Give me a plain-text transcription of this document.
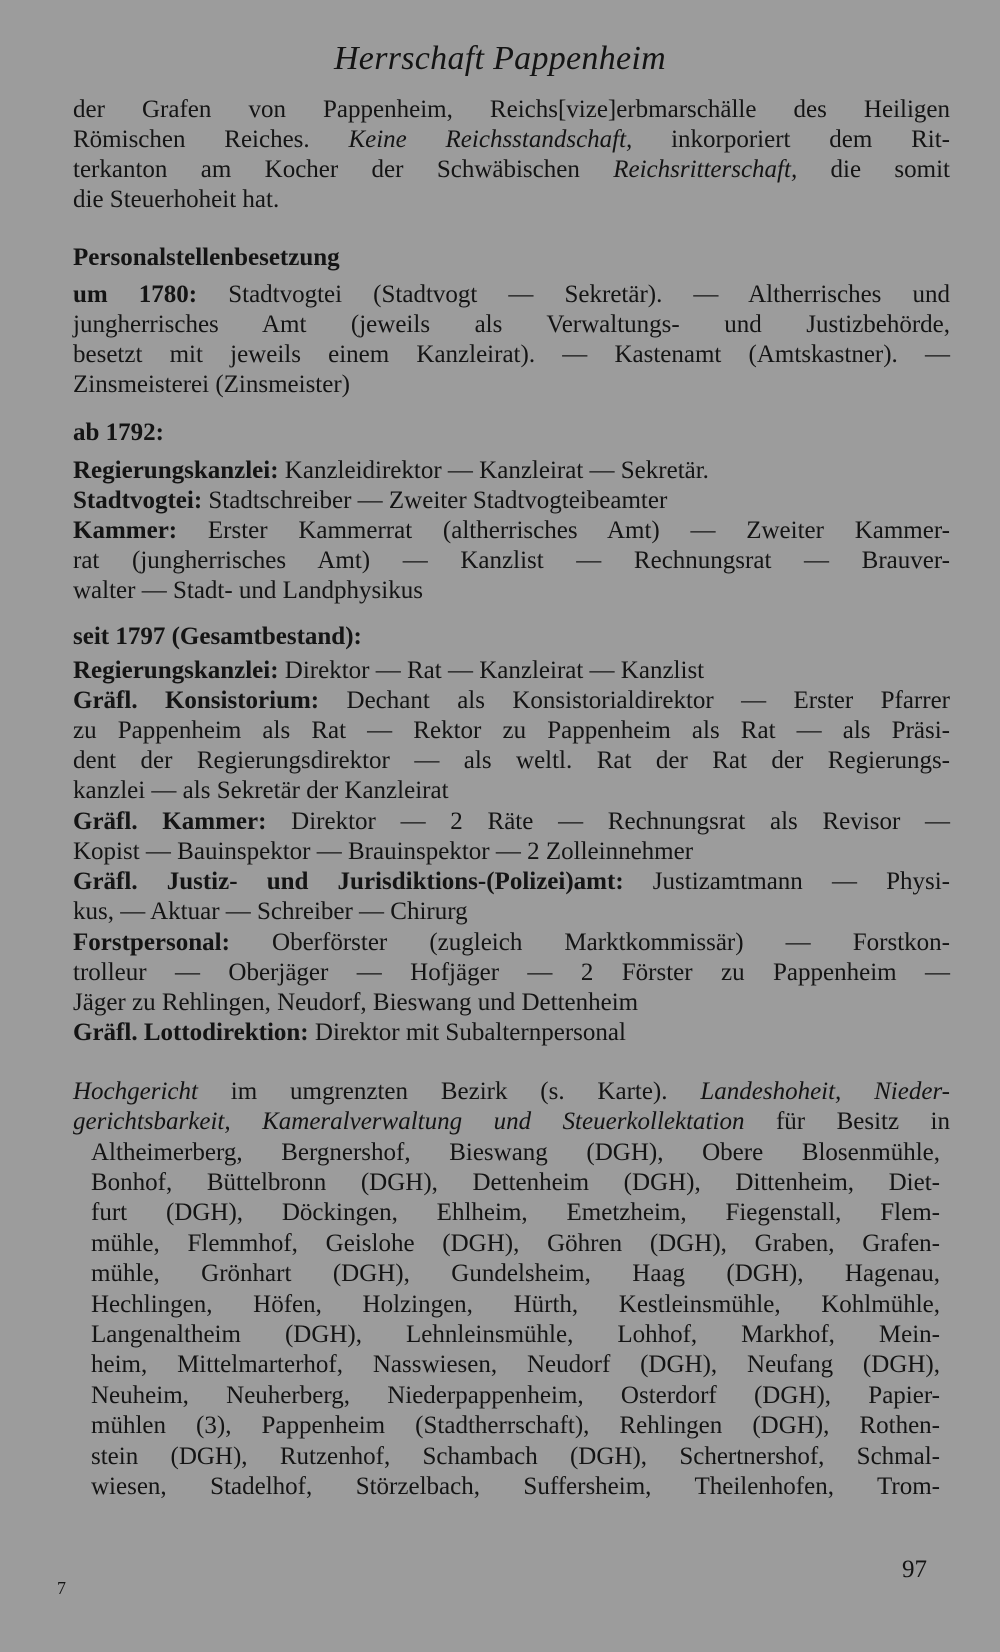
Herrschaft Pappenheim
der Grafen von Pappenheim, Reichs[vize]erbmarschälle des Heiligen
Römischen Reiches. Keine Reichsstandschaft, inkorporiert dem Rit-
terkanton am Kocher der Schwäbischen Reichsritterschaft, die somit
die Steuerhoheit hat.
Personalstellenbesetzung
um 1780: Stadtvogtei (Stadtvogt — Sekretär). — Altherrisches und
jungherrisches Amt (jeweils als Verwaltungs- und Justizbehörde,
besetzt mit jeweils einem Kanzleirat). — Kastenamt (Amtskastner). —
Zinsmeisterei (Zinsmeister)
ab 1792:
Regierungskanzlei: Kanzleidirektor — Kanzleirat — Sekretär.
Stadtvogtei: Stadtschreiber — Zweiter Stadtvogteibeamter
Kammer: Erster Kammerrat (altherrisches Amt) — Zweiter Kammer-
rat (jungherrisches Amt) — Kanzlist — Rechnungsrat — Brauver-
walter — Stadt- und Landphysikus
seit 1797 (Gesamtbestand):
Regierungskanzlei: Direktor — Rat — Kanzleirat — Kanzlist
Gräfl. Konsistorium: Dechant als Konsistorialdirektor — Erster Pfarrer
zu Pappenheim als Rat — Rektor zu Pappenheim als Rat — als Präsi-
dent der Regierungsdirektor — als weltl. Rat der Rat der Regierungs-
kanzlei — als Sekretär der Kanzleirat
Gräfl. Kammer: Direktor — 2 Räte — Rechnungsrat als Revisor —
Kopist — Bauinspektor — Brauinspektor — 2 Zolleinnehmer
Gräfl. Justiz- und Jurisdiktions-(Polizei)amt: Justizamtmann — Physi-
kus, — Aktuar — Schreiber — Chirurg
Forstpersonal: Oberförster (zugleich Marktkommissär) — Forstkon-
trolleur — Oberjäger — Hofjäger — 2 Förster zu Pappenheim —
Jäger zu Rehlingen, Neudorf, Bieswang und Dettenheim
Gräfl. Lottodirektion: Direktor mit Subalternpersonal
Hochgericht im umgrenzten Bezirk (s. Karte). Landeshoheit, Nieder-
gerichtsbarkeit, Kameralverwaltung und Steuerkollektation für Besitz in
Altheimerberg, Bergnershof, Bieswang (DGH), Obere Blosenmühle,
Bonhof, Büttelbronn (DGH), Dettenheim (DGH), Dittenheim, Diet-
furt (DGH), Döckingen, Ehlheim, Emetzheim, Fiegenstall, Flem-
mühle, Flemmhof, Geislohe (DGH), Göhren (DGH), Graben, Grafen-
mühle, Grönhart (DGH), Gundelsheim, Haag (DGH), Hagenau,
Hechlingen, Höfen, Holzingen, Hürth, Kestleinsmühle, Kohlmühle,
Langenaltheim (DGH), Lehnleinsmühle, Lohhof, Markhof, Mein-
heim, Mittelmarterhof, Nasswiesen, Neudorf (DGH), Neufang (DGH),
Neuheim, Neuherberg, Niederpappenheim, Osterdorf (DGH), Papier-
mühlen (3), Pappenheim (Stadtherrschaft), Rehlingen (DGH), Rothen-
stein (DGH), Rutzenhof, Schambach (DGH), Schertnershof, Schmal-
wiesen, Stadelhof, Störzelbach, Suffersheim, Theilenhofen, Trom-
97
7
